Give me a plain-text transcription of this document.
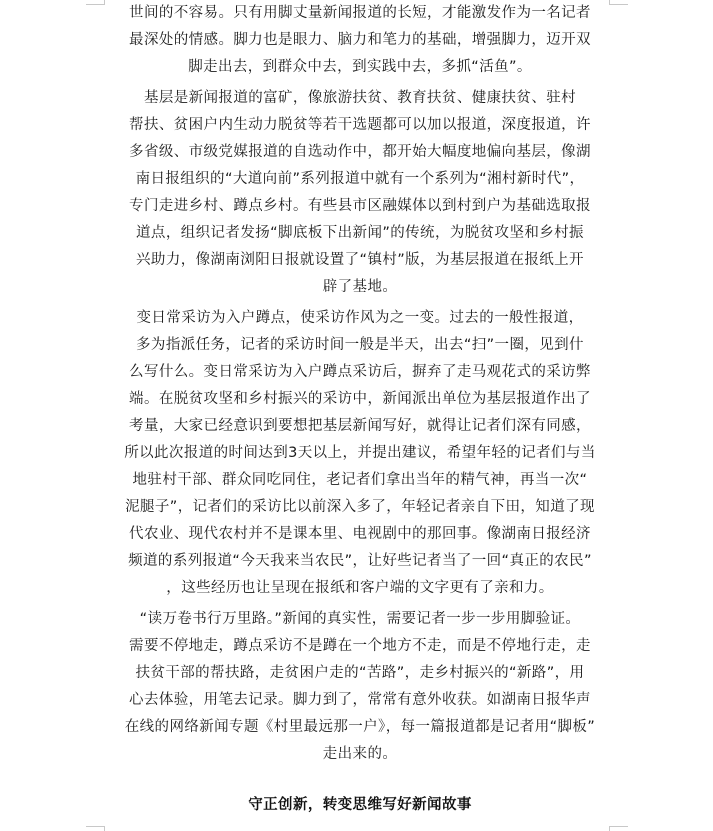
世间的不容易。只有用脚丈量新闻报道的长短，才能激发作为一名记者
最深处的情感。脚力也是眼力、脑力和笔力的基础，增强脚力，迈开双
脚走出去，到群众中去，到实践中去，多抓“活鱼”。
基层是新闻报道的富矿，像旅游扶贫、教育扶贫、健康扶贫、驻村
帮扶、贫困户内生动力脱贫等若干选题都可以加以报道，深度报道，许
多省级、市级党媒报道的自选动作中，都开始大幅度地偏向基层，像湖
南日报组织的“大道向前”系列报道中就有一个系列为“湘村新时代”，
专门走进乡村、蹲点乡村。有些县市区融媒体以到村到户为基础选取报
道点，组织记者发扬“脚底板下出新闻”的传统，为脱贫攻坚和乡村振
兴助力，像湖南浏阳日报就设置了“镇村”版，为基层报道在报纸上开
辟了基地。
变日常采访为入户蹲点，使采访作风为之一变。过去的一般性报道，
多为指派任务，记者的采访时间一般是半天，出去“扫”一圈，见到什
么写什么。变日常采访为入户蹲点采访后，摒弃了走马观花式的采访弊
端。在脱贫攻坚和乡村振兴的采访中，新闻派出单位为基层报道作出了
考量，大家已经意识到要想把基层新闻写好，就得让记者们深有同感，
所以此次报道的时间达到3天以上，并提出建议，希望年轻的记者们与当
地驻村干部、群众同吃同住，老记者们拿出当年的精气神，再当一次“
泥腿子”，记者们的采访比以前深入多了，年轻记者亲自下田，知道了现
代农业、现代农村并不是课本里、电视剧中的那回事。像湖南日报经济
频道的系列报道“今天我来当农民”，让好些记者当了一回“真正的农民”
，这些经历也让呈现在报纸和客户端的文字更有了亲和力。
“读万卷书行万里路。”新闻的真实性，需要记者一步一步用脚验证。
需要不停地走，蹲点采访不是蹲在一个地方不走，而是不停地行走，走
扶贫干部的帮扶路，走贫困户走的“苦路”，走乡村振兴的“新路”，用
心去体验，用笔去记录。脚力到了，常常有意外收获。如湖南日报华声
在线的网络新闻专题《村里最远那一户》，每一篇报道都是记者用“脚板”
走出来的。
守正创新，转变思维写好新闻故事
